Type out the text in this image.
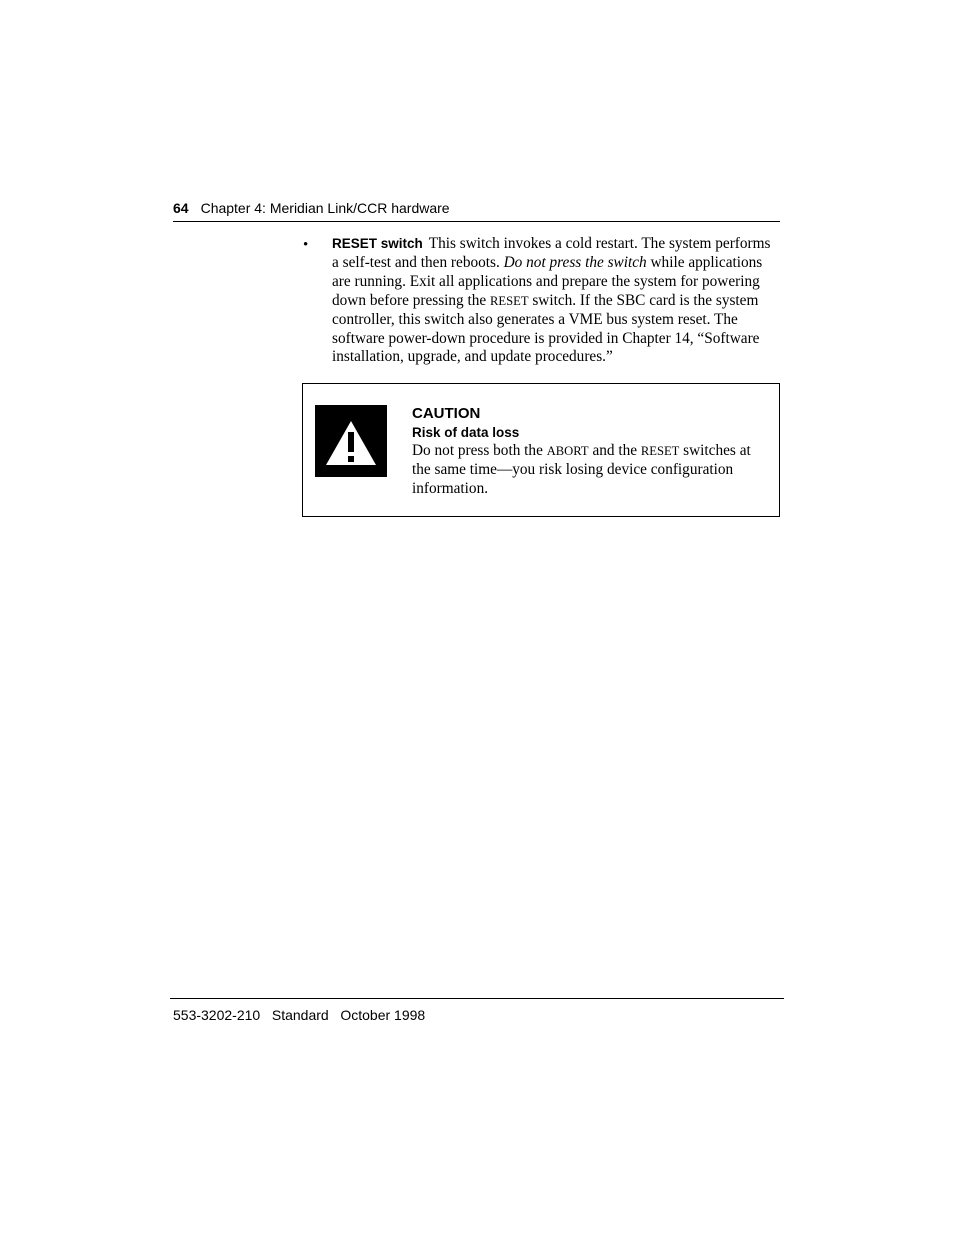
64 Chapter 4: Meridian Link/CCR hardware
• RESET switch This switch invokes a cold restart. The system performs a self-test and then reboots. Do not press the switch while applications are running. Exit all applications and prepare the system for powering down before pressing the RESET switch. If the SBC card is the system controller, this switch also generates a VME bus system reset. The software power-down procedure is provided in Chapter 14, “Software installation, upgrade, and update procedures.”
CAUTION
Risk of data loss
Do not press both the ABORT and the RESET switches at the same time—you risk losing device configuration information.
553-3202-210 Standard October 1998
